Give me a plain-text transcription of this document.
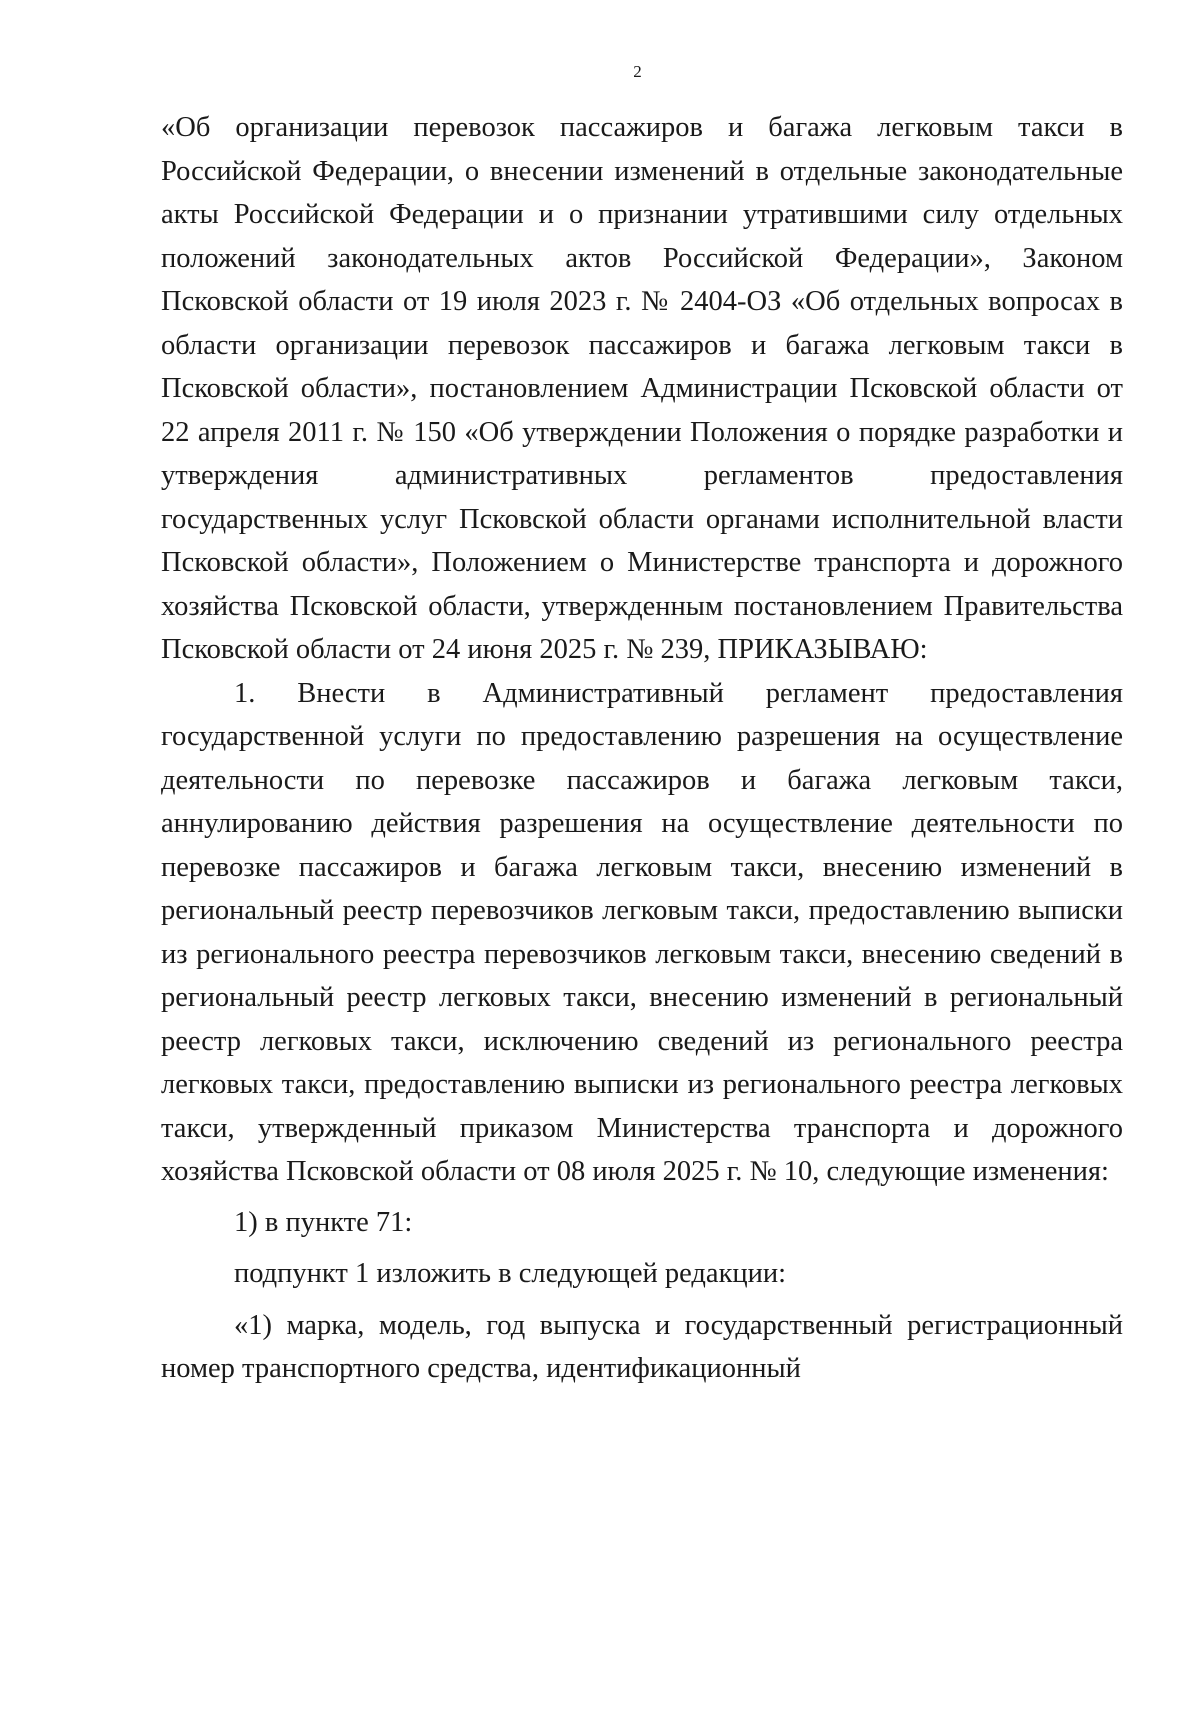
2

«Об организации перевозок пассажиров и багажа легковым такси в Российской Федерации, о внесении изменений в отдельные законодательные акты Российской Федерации и о признании утратившими силу отдельных положений законодательных актов Российской Федерации», Законом Псковской области от 19 июля 2023 г. № 2404-ОЗ «Об отдельных вопросах в области организации перевозок пассажиров и багажа легковым такси в Псковской области», постановлением Администрации Псковской области от 22 апреля 2011 г. № 150 «Об утверждении Положения о порядке разработки и утверждения административных регламентов предоставления государственных услуг Псковской области органами исполнительной власти Псковской области», Положением о Министерстве транспорта и дорожного хозяйства Псковской области, утвержденным постановлением Правительства Псковской области от 24 июня 2025 г. № 239, ПРИКАЗЫВАЮ:

1. Внести в Административный регламент предоставления государственной услуги по предоставлению разрешения на осуществление деятельности по перевозке пассажиров и багажа легковым такси, аннулированию действия разрешения на осуществление деятельности по перевозке пассажиров и багажа легковым такси, внесению изменений в региональный реестр перевозчиков легковым такси, предоставлению выписки из регионального реестра перевозчиков легковым такси, внесению сведений в региональный реестр легковых такси, внесению изменений в региональный реестр легковых такси, исключению сведений из регионального реестра легковых такси, предоставлению выписки из регионального реестра легковых такси, утвержденный приказом Министерства транспорта и дорожного хозяйства Псковской области от 08 июля 2025 г. № 10, следующие изменения:

1) в пункте 71:

подпункт 1 изложить в следующей редакции:

«1) марка, модель, год выпуска и государственный регистрационный номер транспортного средства, идентификационный
